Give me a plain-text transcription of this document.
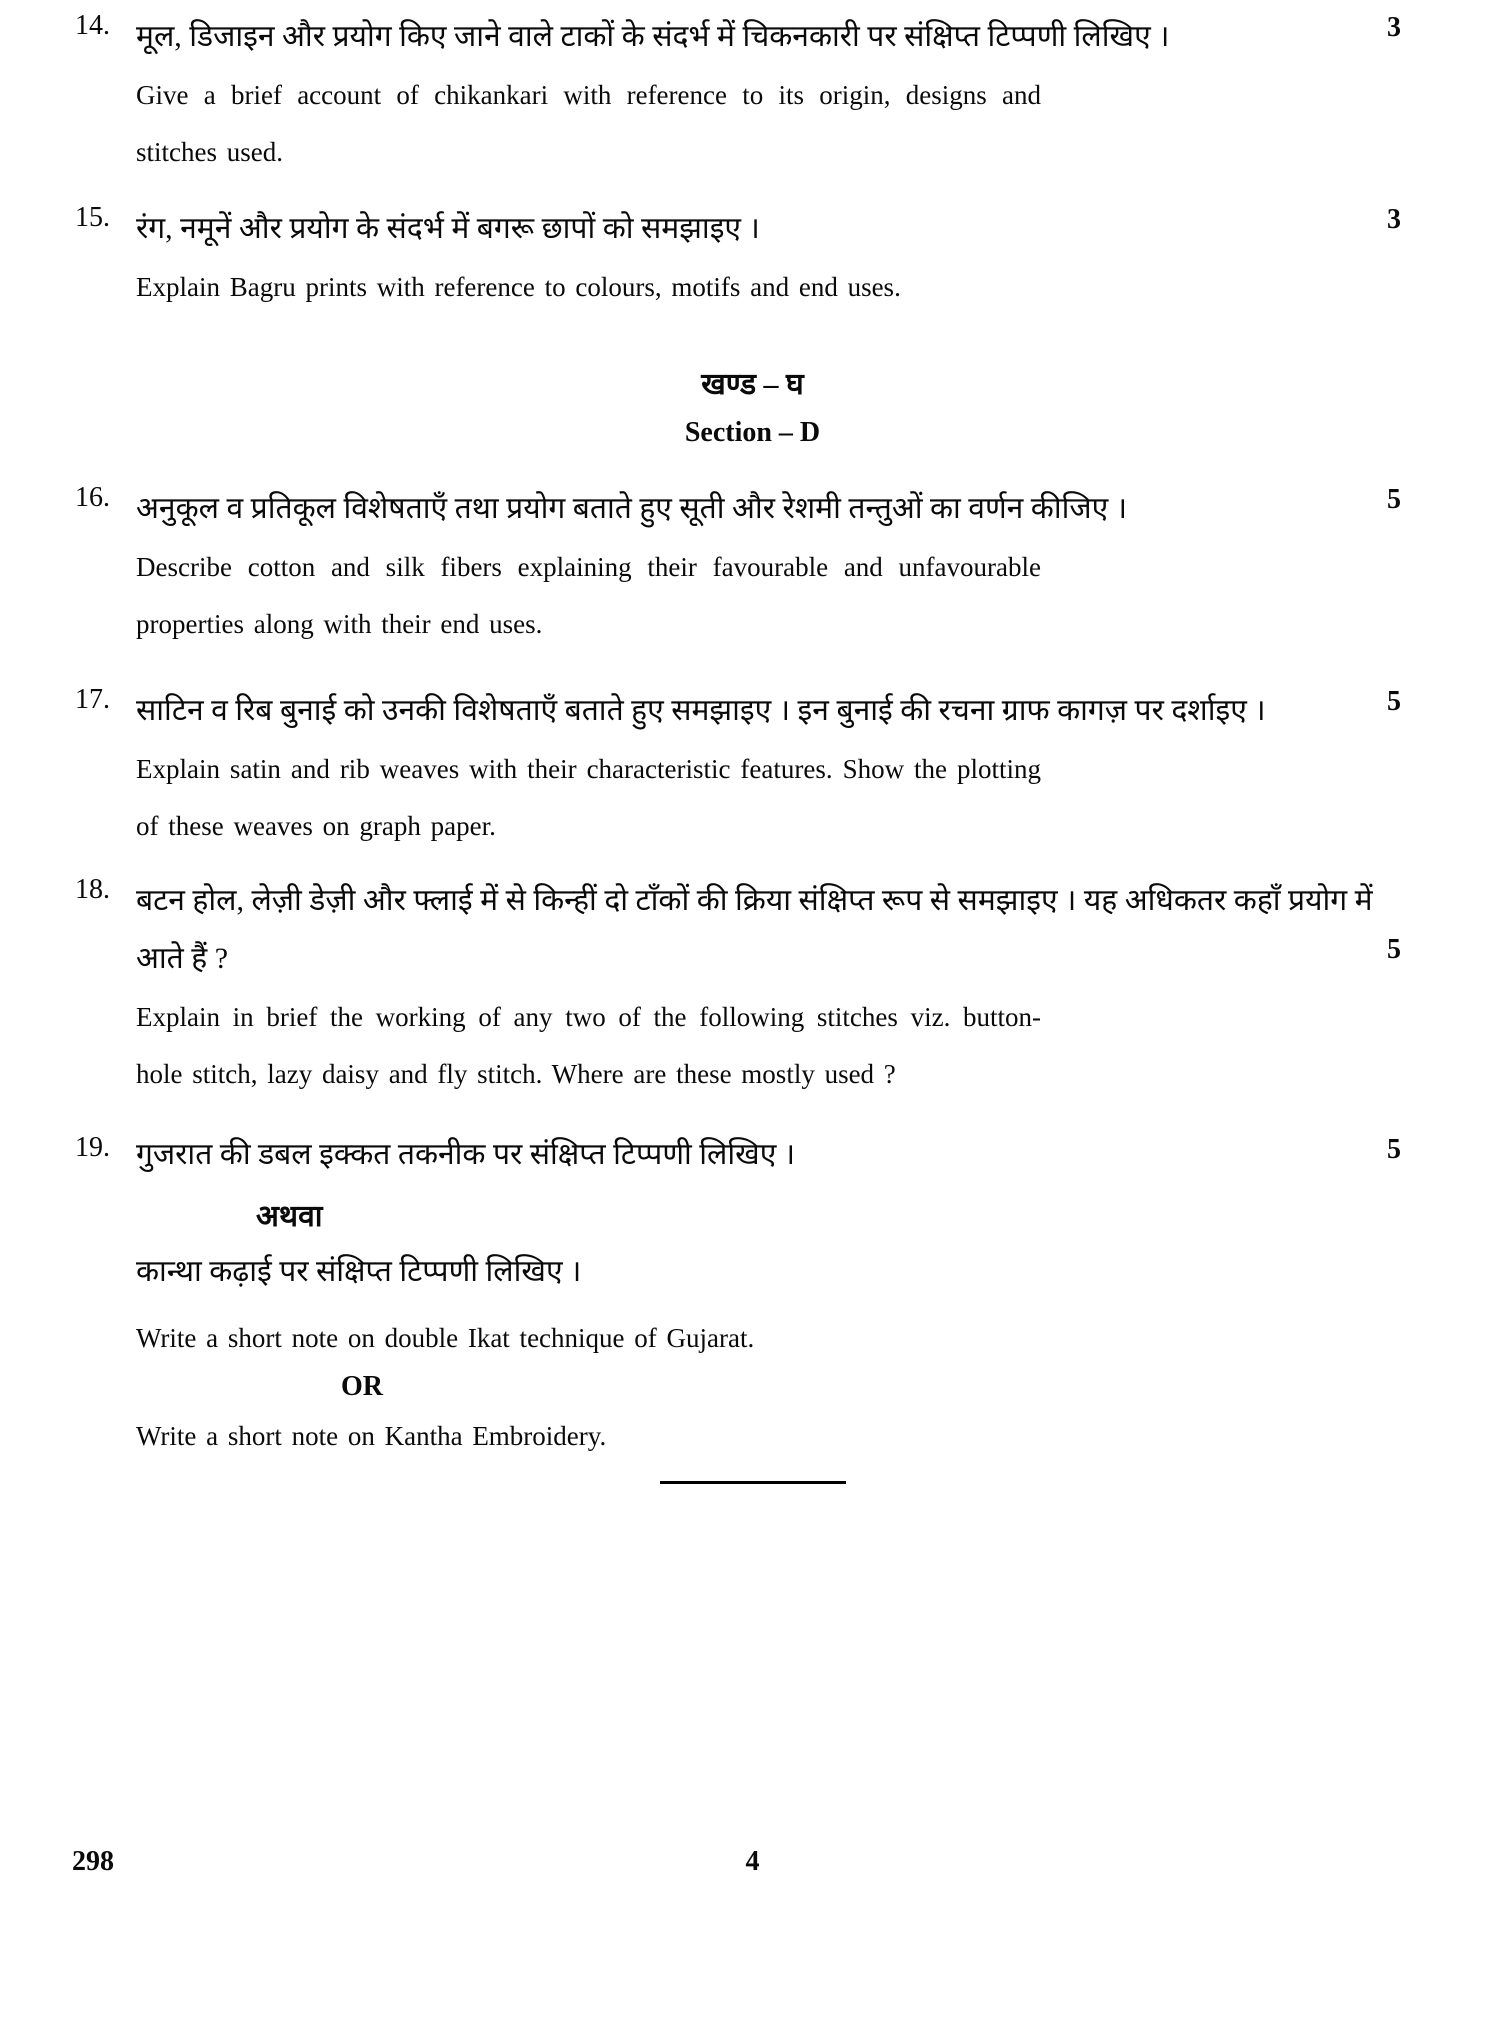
14. मूल, डिजाइन और प्रयोग किए जाने वाले टाकों के संदर्भ में चिकनकारी पर संक्षिप्त टिप्पणी लिखिए ।
Give a brief account of chikankari with reference to its origin, designs and stitches used.
3
15. रंग, नमूनें और प्रयोग के संदर्भ में बगरू छापों को समझाइए ।
Explain Bagru prints with reference to colours, motifs and end uses.
3
खण्ड – घ
Section – D
16. अनुकूल व प्रतिकूल विशेषताएँ तथा प्रयोग बताते हुए सूती और रेशमी तन्तुओं का वर्णन कीजिए ।
Describe cotton and silk fibers explaining their favourable and unfavourable properties along with their end uses.
5
17. साटिन व रिब बुनाई को उनकी विशेषताएँ बताते हुए समझाइए । इन बुनाई की रचना ग्राफ कागज़ पर दर्शाइए ।
Explain satin and rib weaves with their characteristic features. Show the plotting of these weaves on graph paper.
5
18. बटन होल, लेज़ी डेज़ी और फ्लाई में से किन्हीं दो टाँकों की क्रिया संक्षिप्त रूप से समझाइए । यह अधिकतर कहाँ प्रयोग में आते हैं ?
Explain in brief the working of any two of the following stitches viz. button-hole stitch, lazy daisy and fly stitch. Where are these mostly used ?
5
19. गुजरात की डबल इक्कत तकनीक पर संक्षिप्त टिप्पणी लिखिए ।
अथवा
कान्था कढ़ाई पर संक्षिप्त टिप्पणी लिखिए ।
Write a short note on double Ikat technique of Gujarat.
OR
Write a short note on Kantha Embroidery.
5
298	4
